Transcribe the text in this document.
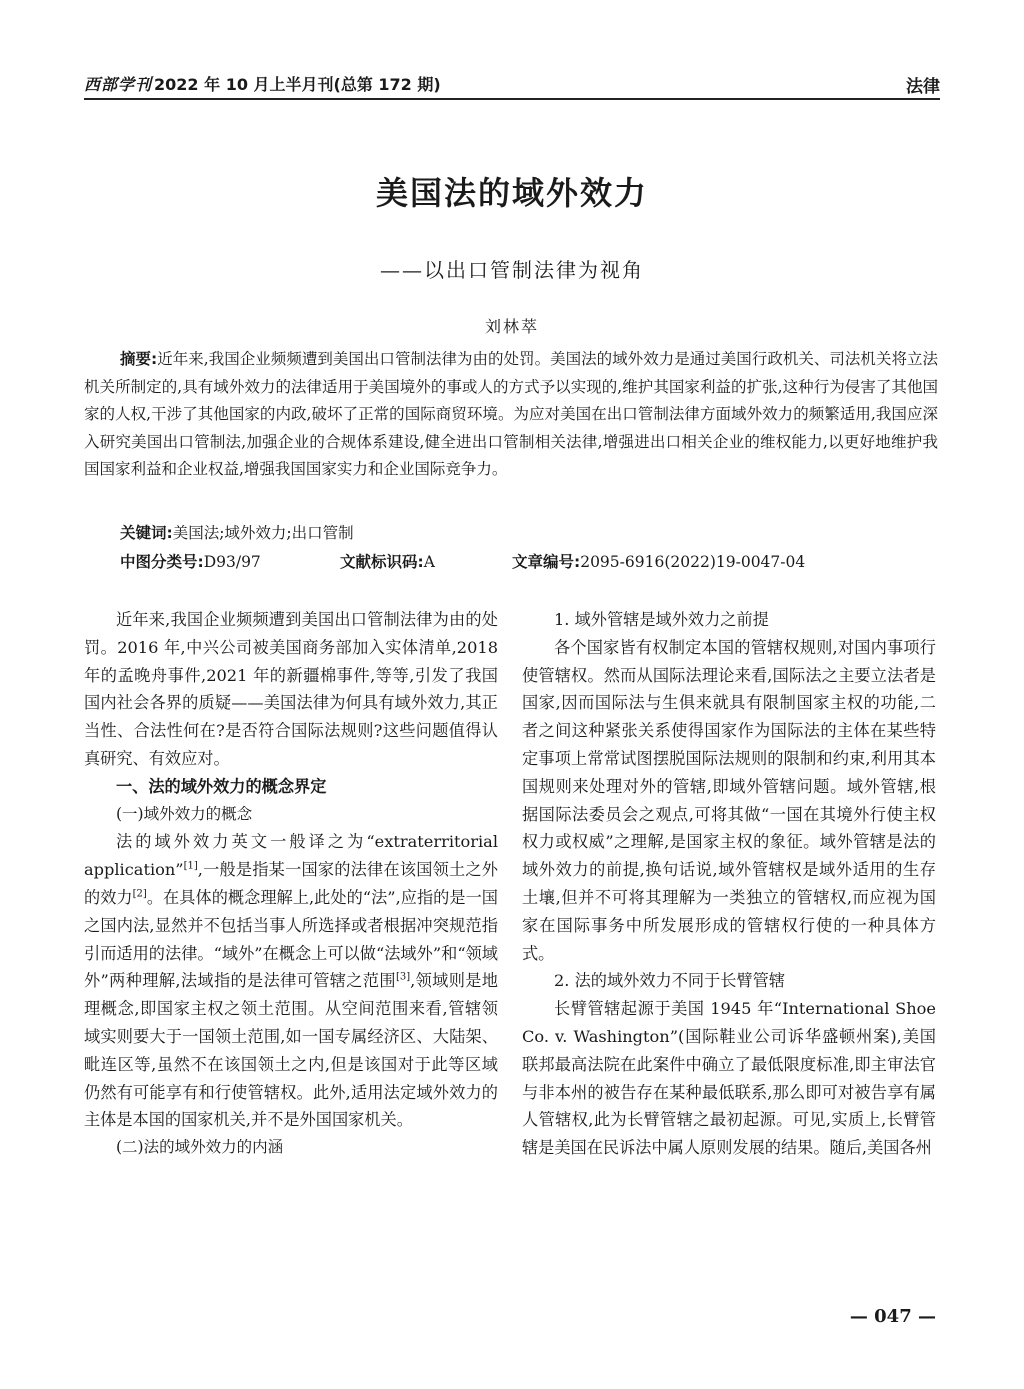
西部学刊 2022 年 10 月上半月刊(总第 172 期)	法律
美国法的域外效力
——以出口管制法律为视角
刘林萃

摘要:近年来,我国企业频频遭到美国出口管制法律为由的处罚。美国法的域外效力是通过美国行政机关、司法机关将立法机关所制定的,具有域外效力的法律适用于美国境外的事或人的方式予以实现的,维护其国家利益的扩张,这种行为侵害了其他国家的人权,干涉了其他国家的内政,破坏了正常的国际商贸环境。为应对美国在出口管制法律方面域外效力的频繁适用,我国应深入研究美国出口管制法,加强企业的合规体系建设,健全进出口管制相关法律,增强进出口相关企业的维权能力,以更好地维护我国国家利益和企业权益,增强我国国家实力和企业国际竞争力。

关键词:美国法;域外效力;出口管制
中图分类号:D93/97	文献标识码:A	文章编号:2095-6916(2022)19-0047-04

近年来,我国企业频频遭到美国出口管制法律为由的处罚。2016 年,中兴公司被美国商务部加入实体清单,2018 年的孟晚舟事件,2021 年的新疆棉事件,等等,引发了我国国内社会各界的质疑——美国法律为何具有域外效力,其正当性、合法性何在?是否符合国际法规则?这些问题值得认真研究、有效应对。

一、法的域外效力的概念界定

(一)域外效力的概念

法的域外效力英文一般译之为“extraterritorial application”[1],一般是指某一国家的法律在该国领土之外的效力[2]。在具体的概念理解上,此处的“法”,应指的是一国之国内法,显然并不包括当事人所选择或者根据冲突规范指引而适用的法律。“域外”在概念上可以做“法域外”和“领域外”两种理解,法域指的是法律可管辖之范围[3],领域则是地理概念,即国家主权之领土范围。从空间范围来看,管辖领域实则要大于一国领土范围,如一国专属经济区、大陆架、毗连区等,虽然不在该国领土之内,但是该国对于此等区域仍然有可能享有和行使管辖权。此外,适用法定域外效力的主体是本国的国家机关,并不是外国国家机关。

(二)法的域外效力的内涵

1. 域外管辖是域外效力之前提

各个国家皆有权制定本国的管辖权规则,对国内事项行使管辖权。然而从国际法理论来看,国际法之主要立法者是国家,因而国际法与生俱来就具有限制国家主权的功能,二者之间这种紧张关系使得国家作为国际法的主体在某些特定事项上常常试图摆脱国际法规则的限制和约束,利用其本国规则来处理对外的管辖,即域外管辖问题。域外管辖,根据国际法委员会之观点,可将其做“一国在其境外行使主权权力或权威”之理解,是国家主权的象征。域外管辖是法的域外效力的前提,换句话说,域外管辖权是域外适用的生存土壤,但并不可将其理解为一类独立的管辖权,而应视为国家在国际事务中所发展形成的管辖权行使的一种具体方式。

2. 法的域外效力不同于长臂管辖

长臂管辖起源于美国 1945 年“International Shoe Co. v. Washington”(国际鞋业公司诉华盛顿州案),美国联邦最高法院在此案件中确立了最低限度标准,即主审法官与非本州的被告存在某种最低联系,那么即可对被告享有属人管辖权,此为长臂管辖之最初起源。可见,实质上,长臂管辖是美国在民诉法中属人原则发展的结果。随后,美国各州

— 047 —
